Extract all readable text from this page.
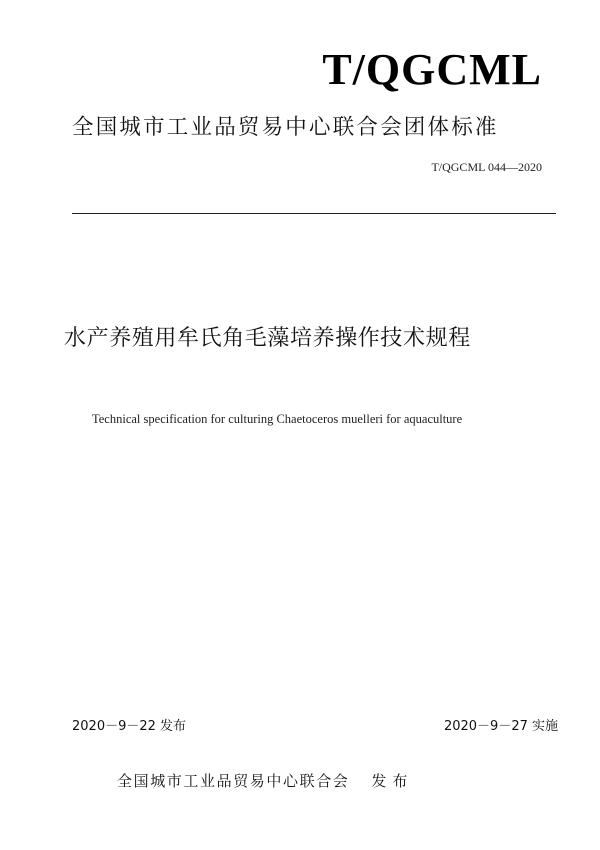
T/QGCML
全国城市工业品贸易中心联合会团体标准
T/QGCML 044—2020
水产养殖用牟氏角毛藻培养操作技术规程
Technical specification for culturing Chaetoceros muelleri for aquaculture
2020－9－22 发布	2020－9－27 实施
全国城市工业品贸易中心联合会 发布
